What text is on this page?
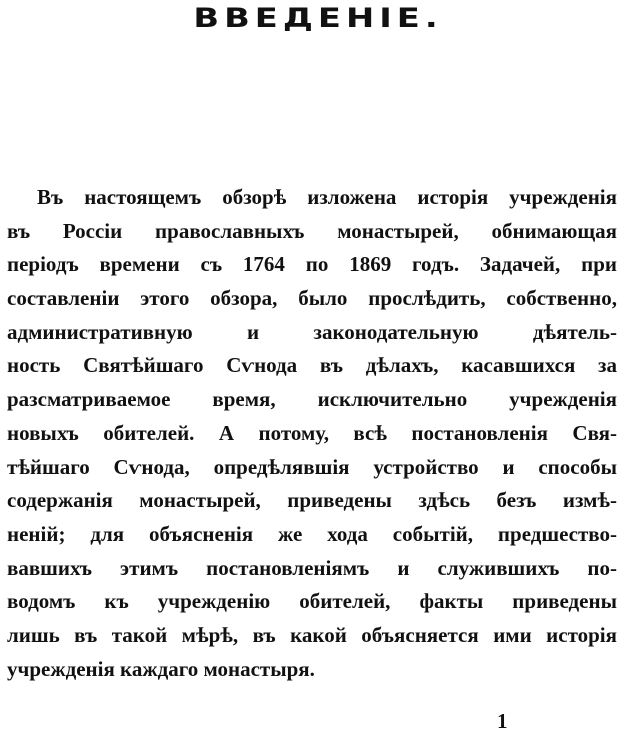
ВВЕДЕНІЕ.
Въ настоящемъ обзорѣ изложена исторія учрежденія
въ Россіи православныхъ монастырей, обнимающая
періодъ времени съ 1764 по 1869 годъ. Задачей, при
составленіи этого обзора, было прослѣдить, собственно,
административную и законодательную дѣятель-
ность Святѣйшаго Сѵнода въ дѣлахъ, касавшихся за
разсматриваемое время, исключительно учрежденія
новыхъ обителей. А потому, всѣ постановленія Свя-
тѣйшаго Сѵнода, опредѣлявшія устройство и способы
содержанія монастырей, приведены здѣсь безъ измѣ-
неній; для объясненія же хода событій, предшество-
вавшихъ этимъ постановленіямъ и служившихъ по-
водомъ къ учрежденію обителей, факты приведены
лишь въ такой мѣрѣ, въ какой объясняется ими исторія
учрежденія каждаго монастыря.
1
